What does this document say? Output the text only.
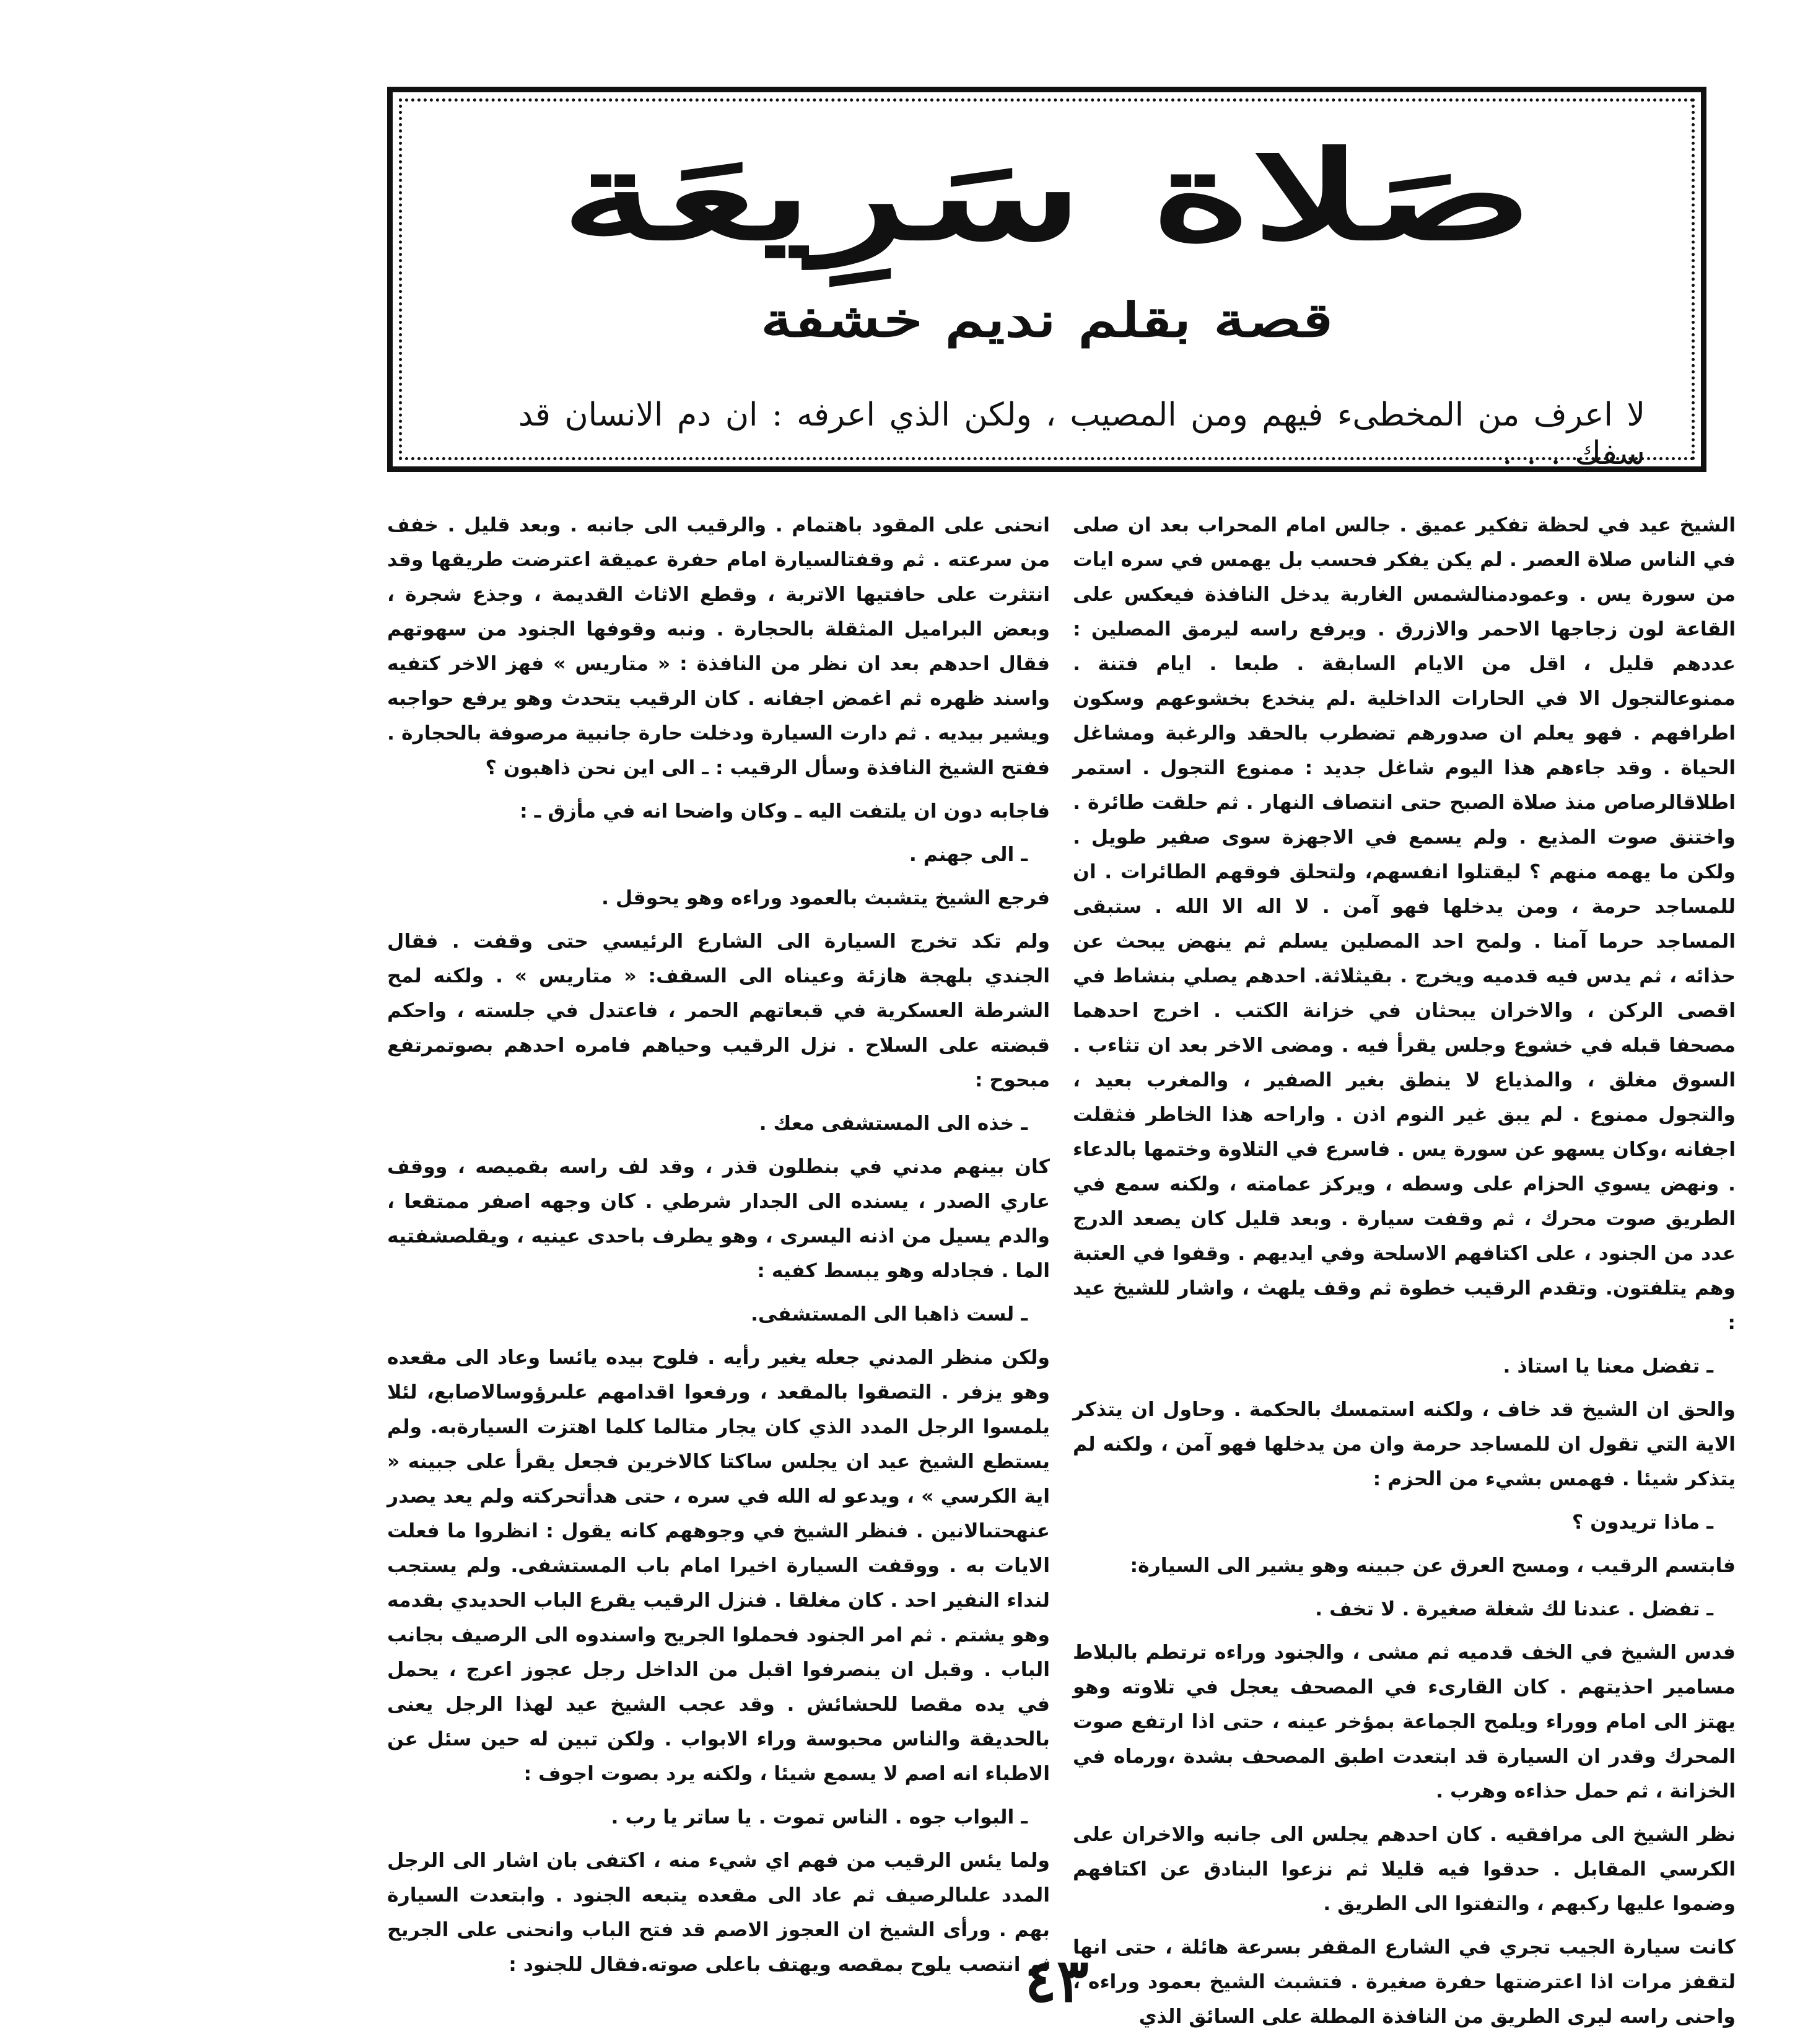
صَلاة سَرِيعَة
قصة بقلم نديم خشفة
لا اعرف من المخطىء فيهم ومن المصيب ، ولكن الذي اعرفه : ان دم الانسان قد سفك . . .

الشيخ عيد في لحظة تفكير عميق . جالس امام المحراب بعد ان صلى في الناس صلاة العصر . لم يكن يفكر فحسب بل يهمس في سره ايات من سورة يس . وعمودمنالشمس الغاربة يدخل النافذة فيعكس على القاعة لون زجاجها الاحمر والازرق . ويرفع راسه ليرمق المصلين : عددهم قليل ، اقل من الايام السابقة . طبعا . ايام فتنة . ممنوعالتجول الا في الحارات الداخلية .لم ينخدع بخشوعهم وسكون اطرافهم . فهو يعلم ان صدورهم تضطرب بالحقد والرغبة ومشاغل الحياة . وقد جاءهم هذا اليوم شاغل جديد : ممنوع التجول . استمر اطلاقالرصاص منذ صلاة الصبح حتى انتصاف النهار . ثم حلقت طائرة . واختنق صوت المذيع . ولم يسمع في الاجهزة سوى صفير طويل . ولكن ما يهمه منهم ؟ ليقتلوا انفسهم، ولتحلق فوقهم الطائرات . ان للمساجد حرمة ، ومن يدخلها فهو آمن . لا اله الا الله . ستبقى المساجد حرما آمنا . ولمح احد المصلين يسلم ثم ينهض يبحث عن حذائه ، ثم يدس فيه قدميه ويخرج . بقيثلاثة. احدهم يصلي بنشاط في اقصى الركن ، والاخران يبحثان في خزانة الكتب . اخرج احدهما مصحفا قبله في خشوع وجلس يقرأ فيه . ومضى الاخر بعد ان تثاءب . السوق مغلق ، والمذياع لا ينطق بغير الصفير ، والمغرب بعيد ، والتجول ممنوع . لم يبق غير النوم اذن . واراحه هذا الخاطر فثقلت اجفانه ،وكان يسهو عن سورة يس . فاسرع في التلاوة وختمها بالدعاء . ونهض يسوي الحزام على وسطه ، ويركز عمامته ، ولكنه سمع في الطريق صوت محرك ، ثم وقفت سيارة . وبعد قليل كان يصعد الدرج عدد من الجنود ، على اكتافهم الاسلحة وفي ايديهم . وقفوا في العتبة وهم يتلفتون. وتقدم الرقيب خطوة ثم وقف يلهث ، واشار للشيخ عيد :

ـ تفضل معنا يا استاذ .

والحق ان الشيخ قد خاف ، ولكنه استمسك بالحكمة . وحاول ان يتذكر الاية التي تقول ان للمساجد حرمة وان من يدخلها فهو آمن ، ولكنه لم يتذكر شيئا . فهمس بشيء من الحزم :

ـ ماذا تريدون ؟

فابتسم الرقيب ، ومسح العرق عن جبينه وهو يشير الى السيارة:

ـ تفضل . عندنا لك شغلة صغيرة . لا تخف .

فدس الشيخ في الخف قدميه ثم مشى ، والجنود وراءه ترتطم بالبلاط مسامير احذيتهم . كان القارىء في المصحف يعجل في تلاوته وهو يهتز الى امام ووراء ويلمح الجماعة بمؤخر عينه ، حتى اذا ارتفع صوت المحرك وقدر ان السيارة قد ابتعدت اطبق المصحف بشدة ،ورماه في الخزانة ، ثم حمل حذاءه وهرب .

نظر الشيخ الى مرافقيه . كان احدهم يجلس الى جانبه والاخران على الكرسي المقابل . حدقوا فيه قليلا ثم نزعوا البنادق عن اكتافهم وضموا عليها ركبهم ، والتفتوا الى الطريق .

كانت سيارة الجيب تجري في الشارع المقفر بسرعة هائلة ، حتى انها لتقفز مرات اذا اعترضتها حفرة صغيرة . فتشبث الشيخ بعمود وراءه ، واحنى راسه ليرى الطريق من النافذة المطلة على السائق الذي

انحنى على المقود باهتمام . والرقيب الى جانبه . وبعد قليل . خفف من سرعته . ثم وقفتالسيارة امام حفرة عميقة اعترضت طريقها وقد انتثرت على حافتيها الاتربة ، وقطع الاثاث القديمة ، وجذع شجرة ، وبعض البراميل المثقلة بالحجارة . ونبه وقوفها الجنود من سهوتهم فقال احدهم بعد ان نظر من النافذة : « متاريس » فهز الاخر كتفيه واسند ظهره ثم اغمض اجفانه . كان الرقيب يتحدث وهو يرفع حواجبه ويشير بيديه . ثم دارت السيارة ودخلت حارة جانبية مرصوفة بالحجارة . ففتح الشيخ النافذة وسأل الرقيب : ـ الى اين نحن ذاهبون ؟

فاجابه دون ان يلتفت اليه ـ وكان واضحا انه في مأزق ـ :

ـ الى جهنم .

فرجع الشيخ يتشبث بالعمود وراءه وهو يحوقل .

ولم تكد تخرج السيارة الى الشارع الرئيسي حتى وقفت . فقال الجندي بلهجة هازئة وعيناه الى السقف: « متاريس » . ولكنه لمح الشرطة العسكرية في قبعاتهم الحمر ، فاعتدل في جلسته ، واحكم قبضته على السلاح . نزل الرقيب وحياهم فامره احدهم بصوتمرتفع مبحوح :

ـ خذه الى المستشفى معك .

كان بينهم مدني في بنطلون قذر ، وقد لف راسه بقميصه ، ووقف عاري الصدر ، يسنده الى الجدار شرطي . كان وجهه اصفر ممتقعا ، والدم يسيل من اذنه اليسرى ، وهو يطرف باحدى عينيه ، ويقلصشفتيه الما . فجادله وهو يبسط كفيه :

ـ لست ذاهبا الى المستشفى.

ولكن منظر المدني جعله يغير رأيه . فلوح بيده يائسا وعاد الى مقعده وهو يزفر . التصقوا بالمقعد ، ورفعوا اقدامهم علىرؤوسالاصابع، لئلا يلمسوا الرجل المدد الذي كان يجار متالما كلما اهتزت السيارةبه. ولم يستطع الشيخ عيد ان يجلس ساكتا كالاخرين فجعل يقرأ على جبينه « اية الكرسي » ، ويدعو له الله في سره ، حتى هدأتحركته ولم يعد يصدر عنهحتىالانين . فنظر الشيخ في وجوههم كانه يقول : انظروا ما فعلت الايات به . ووقفت السيارة اخيرا امام باب المستشفى. ولم يستجب لنداء النفير احد . كان مغلقا . فنزل الرقيب يقرع الباب الحديدي بقدمه وهو يشتم . ثم امر الجنود فحملوا الجريح واسندوه الى الرصيف بجانب الباب . وقبل ان ينصرفوا اقبل من الداخل رجل عجوز اعرج ، يحمل في يده مقصا للحشائش . وقد عجب الشيخ عيد لهذا الرجل يعنى بالحديقة والناس محبوسة وراء الابواب . ولكن تبين له حين سئل عن الاطباء انه اصم لا يسمع شيئا ، ولكنه يرد بصوت اجوف :

ـ البواب جوه . الناس تموت . يا ساتر يا رب .

ولما يئس الرقيب من فهم اي شيء منه ، اكتفى بان اشار الى الرجل المدد علىالرصيف ثم عاد الى مقعده يتبعه الجنود . وابتعدت السيارة بهم . ورأى الشيخ ان العجوز الاصم قد فتح الباب وانحنى على الجريح ثم انتصب يلوح بمقصه ويهتف باعلى صوته.فقال للجنود :

٤٣
